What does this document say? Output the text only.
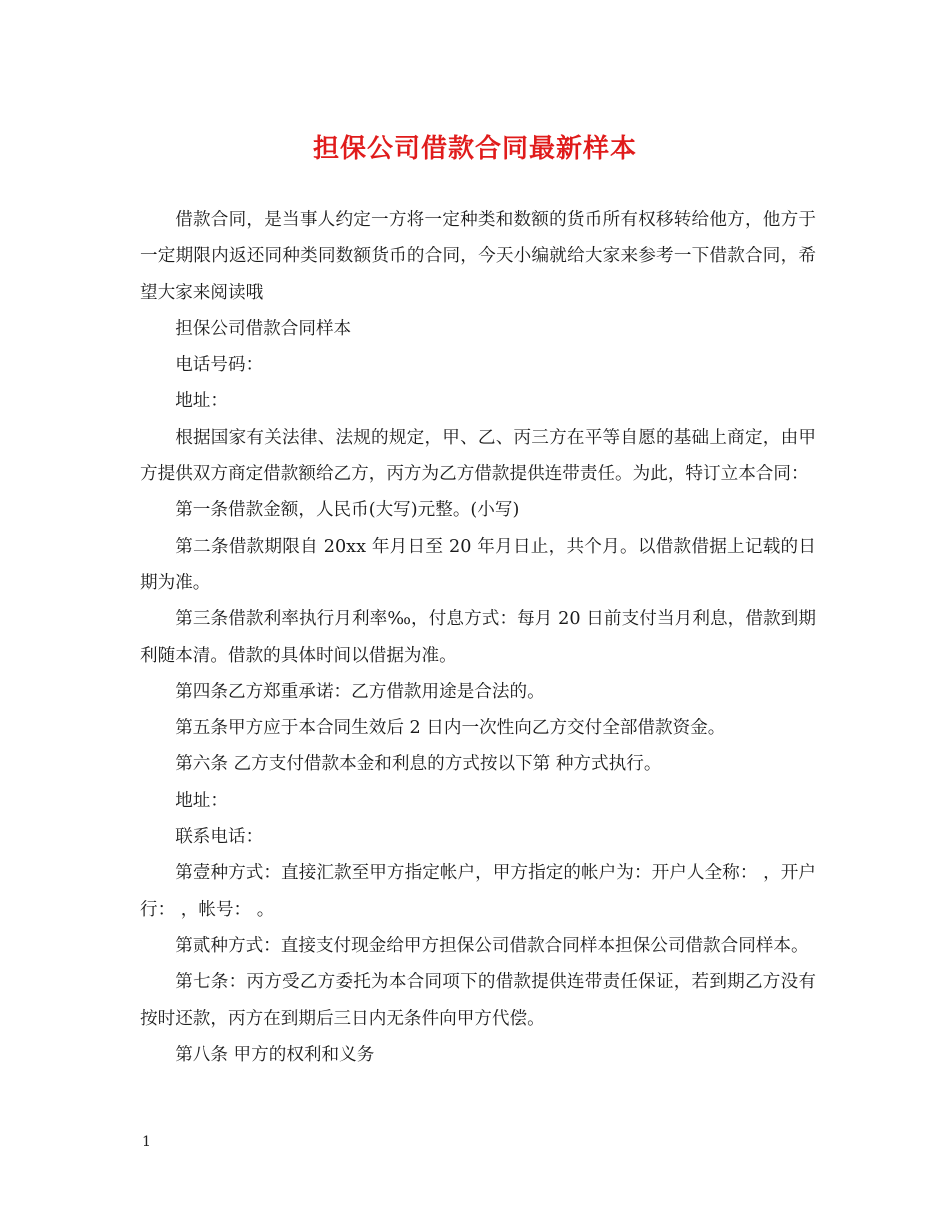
担保公司借款合同最新样本

借款合同，是当事人约定一方将一定种类和数额的货币所有权移转给他方，他方于一定期限内返还同种类同数额货币的合同，今天小编就给大家来参考一下借款合同，希望大家来阅读哦

担保公司借款合同样本

电话号码：

地址：

根据国家有关法律、法规的规定，甲、乙、丙三方在平等自愿的基础上商定，由甲方提供双方商定借款额给乙方，丙方为乙方借款提供连带责任。为此，特订立本合同：

第一条借款金额，人民币(大写)元整。(小写)

第二条借款期限自 20xx 年月日至 20 年月日止，共个月。以借款借据上记载的日期为准。

第三条借款利率执行月利率‰，付息方式：每月 20 日前支付当月利息，借款到期利随本清。借款的具体时间以借据为准。

第四条乙方郑重承诺：乙方借款用途是合法的。

第五条甲方应于本合同生效后 2 日内一次性向乙方交付全部借款资金。

第六条 乙方支付借款本金和利息的方式按以下第 种方式执行。

地址：

联系电话：

第壹种方式：直接汇款至甲方指定帐户，甲方指定的帐户为：开户人全称： ，开户行： ，帐号： 。

第贰种方式：直接支付现金给甲方担保公司借款合同样本担保公司借款合同样本。

第七条：丙方受乙方委托为本合同项下的借款提供连带责任保证，若到期乙方没有按时还款，丙方在到期后三日内无条件向甲方代偿。

第八条 甲方的权利和义务

1
